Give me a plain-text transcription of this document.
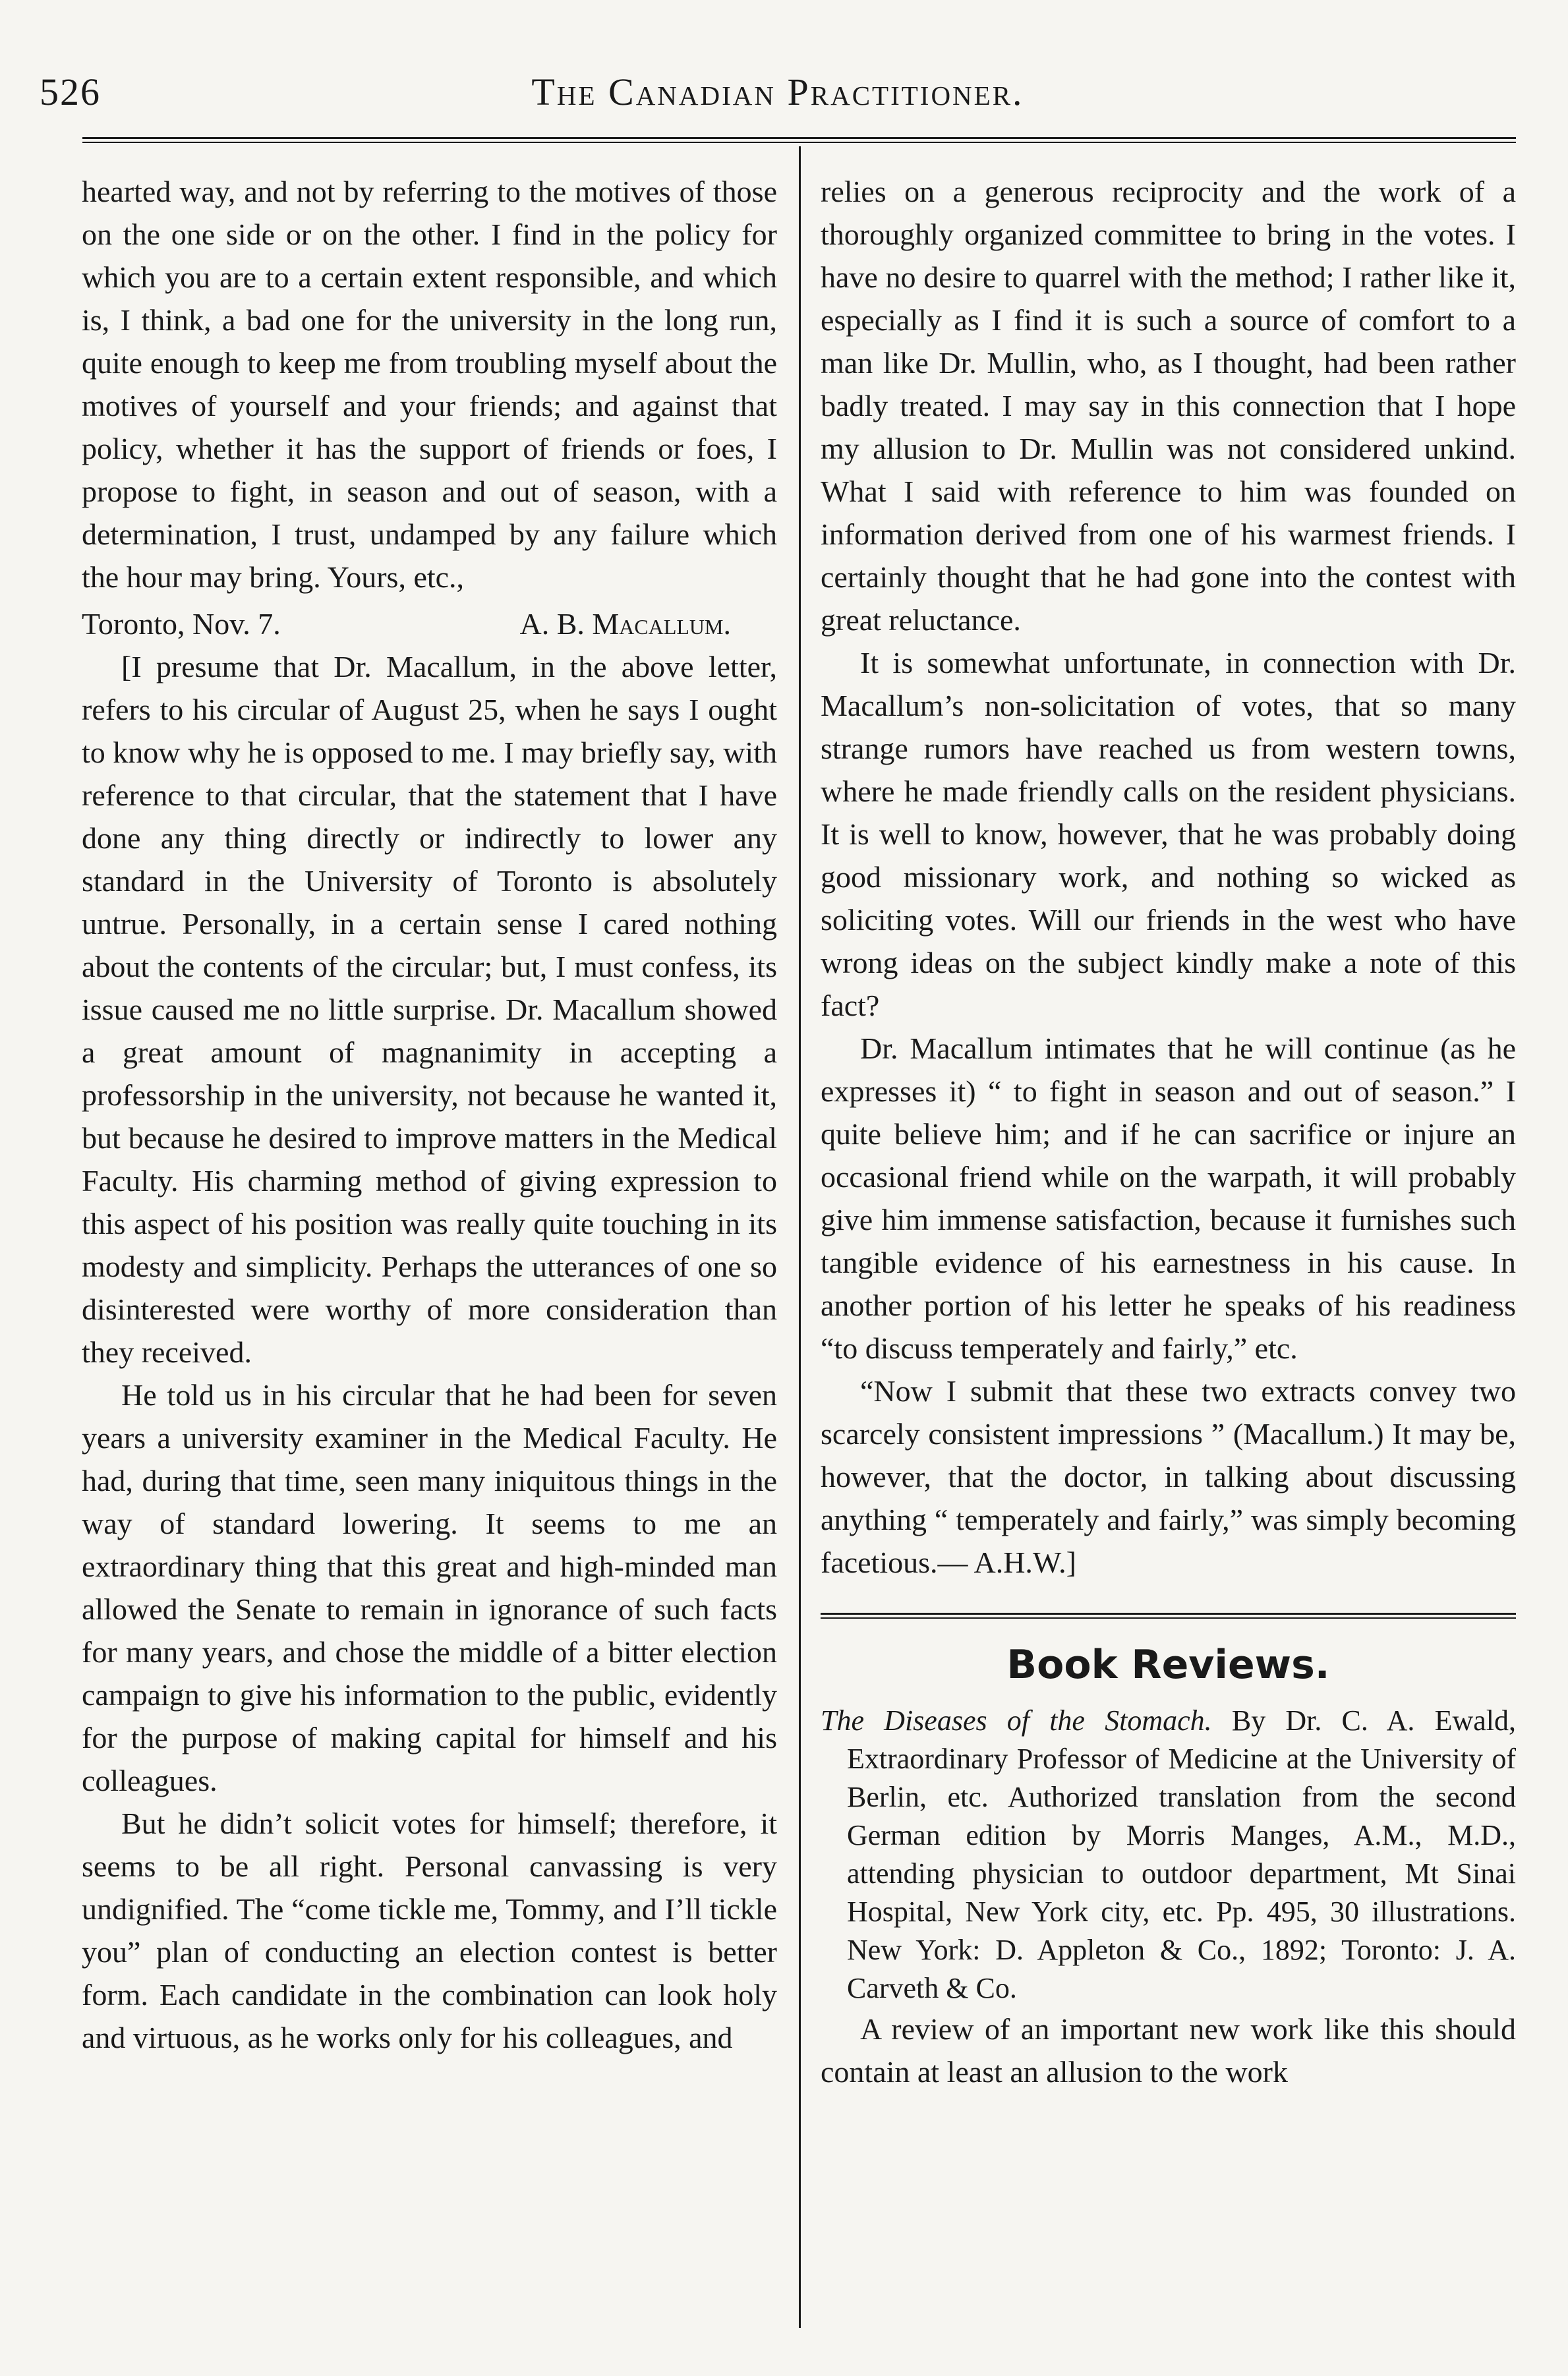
526	The Canadian Practitioner.

hearted way, and not by referring to the motives of those on the one side or on the other. I find in the policy for which you are to a certain extent responsible, and which is, I think, a bad one for the university in the long run, quite enough to keep me from troubling myself about the motives of yourself and your friends; and against that policy, whether it has the support of friends or foes, I propose to fight, in season and out of season, with a determination, I trust, undamped by any failure which the hour may bring. Yours, etc.,

Toronto, Nov. 7.	A. B. Macallum.

[I presume that Dr. Macallum, in the above letter, refers to his circular of August 25, when he says I ought to know why he is opposed to me. I may briefly say, with reference to that circular, that the statement that I have done any thing directly or indirectly to lower any standard in the University of Toronto is absolutely untrue. Personally, in a certain sense I cared nothing about the contents of the circular; but, I must confess, its issue caused me no little surprise. Dr. Macallum showed a great amount of magnanimity in accepting a professorship in the university, not because he wanted it, but because he desired to improve matters in the Medical Faculty. His charming method of giving expression to this aspect of his position was really quite touching in its modesty and simplicity. Perhaps the utterances of one so disinterested were worthy of more consideration than they received.

He told us in his circular that he had been for seven years a university examiner in the Medical Faculty. He had, during that time, seen many iniquitous things in the way of standard lowering. It seems to me an extraordinary thing that this great and high-minded man allowed the Senate to remain in ignorance of such facts for many years, and chose the middle of a bitter election campaign to give his information to the public, evidently for the purpose of making capital for himself and his colleagues.

But he didn’t solicit votes for himself; therefore, it seems to be all right. Personal canvassing is very undignified. The “come tickle me, Tommy, and I’ll tickle you” plan of conducting an election contest is better form. Each candidate in the combination can look holy and virtuous, as he works only for his colleagues, and

relies on a generous reciprocity and the work of a thoroughly organized committee to bring in the votes. I have no desire to quarrel with the method; I rather like it, especially as I find it is such a source of comfort to a man like Dr. Mullin, who, as I thought, had been rather badly treated. I may say in this connection that I hope my allusion to Dr. Mullin was not considered unkind. What I said with reference to him was founded on information derived from one of his warmest friends. I certainly thought that he had gone into the contest with great reluctance.

It is somewhat unfortunate, in connection with Dr. Macallum’s non-solicitation of votes, that so many strange rumors have reached us from western towns, where he made friendly calls on the resident physicians. It is well to know, however, that he was probably doing good missionary work, and nothing so wicked as soliciting votes. Will our friends in the west who have wrong ideas on the subject kindly make a note of this fact?

Dr. Macallum intimates that he will continue (as he expresses it) “ to fight in season and out of season.” I quite believe him; and if he can sacrifice or injure an occasional friend while on the warpath, it will probably give him immense satisfaction, because it furnishes such tangible evidence of his earnestness in his cause. In another portion of his letter he speaks of his readiness “to discuss temperately and fairly,” etc.

“Now I submit that these two extracts convey two scarcely consistent impressions ” (Macallum.) It may be, however, that the doctor, in talking about discussing anything “ temperately and fairly,” was simply becoming facetious.— A.H.W.]

Book Reviews.

The Diseases of the Stomach. By Dr. C. A. Ewald, Extraordinary Professor of Medicine at the University of Berlin, etc. Authorized translation from the second German edition by Morris Manges, A.M., M.D., attending physician to outdoor department, Mt Sinai Hospital, New York city, etc. Pp. 495, 30 illustrations. New York: D. Appleton & Co., 1892; Toronto: J. A. Carveth & Co.

A review of an important new work like this should contain at least an allusion to the work
